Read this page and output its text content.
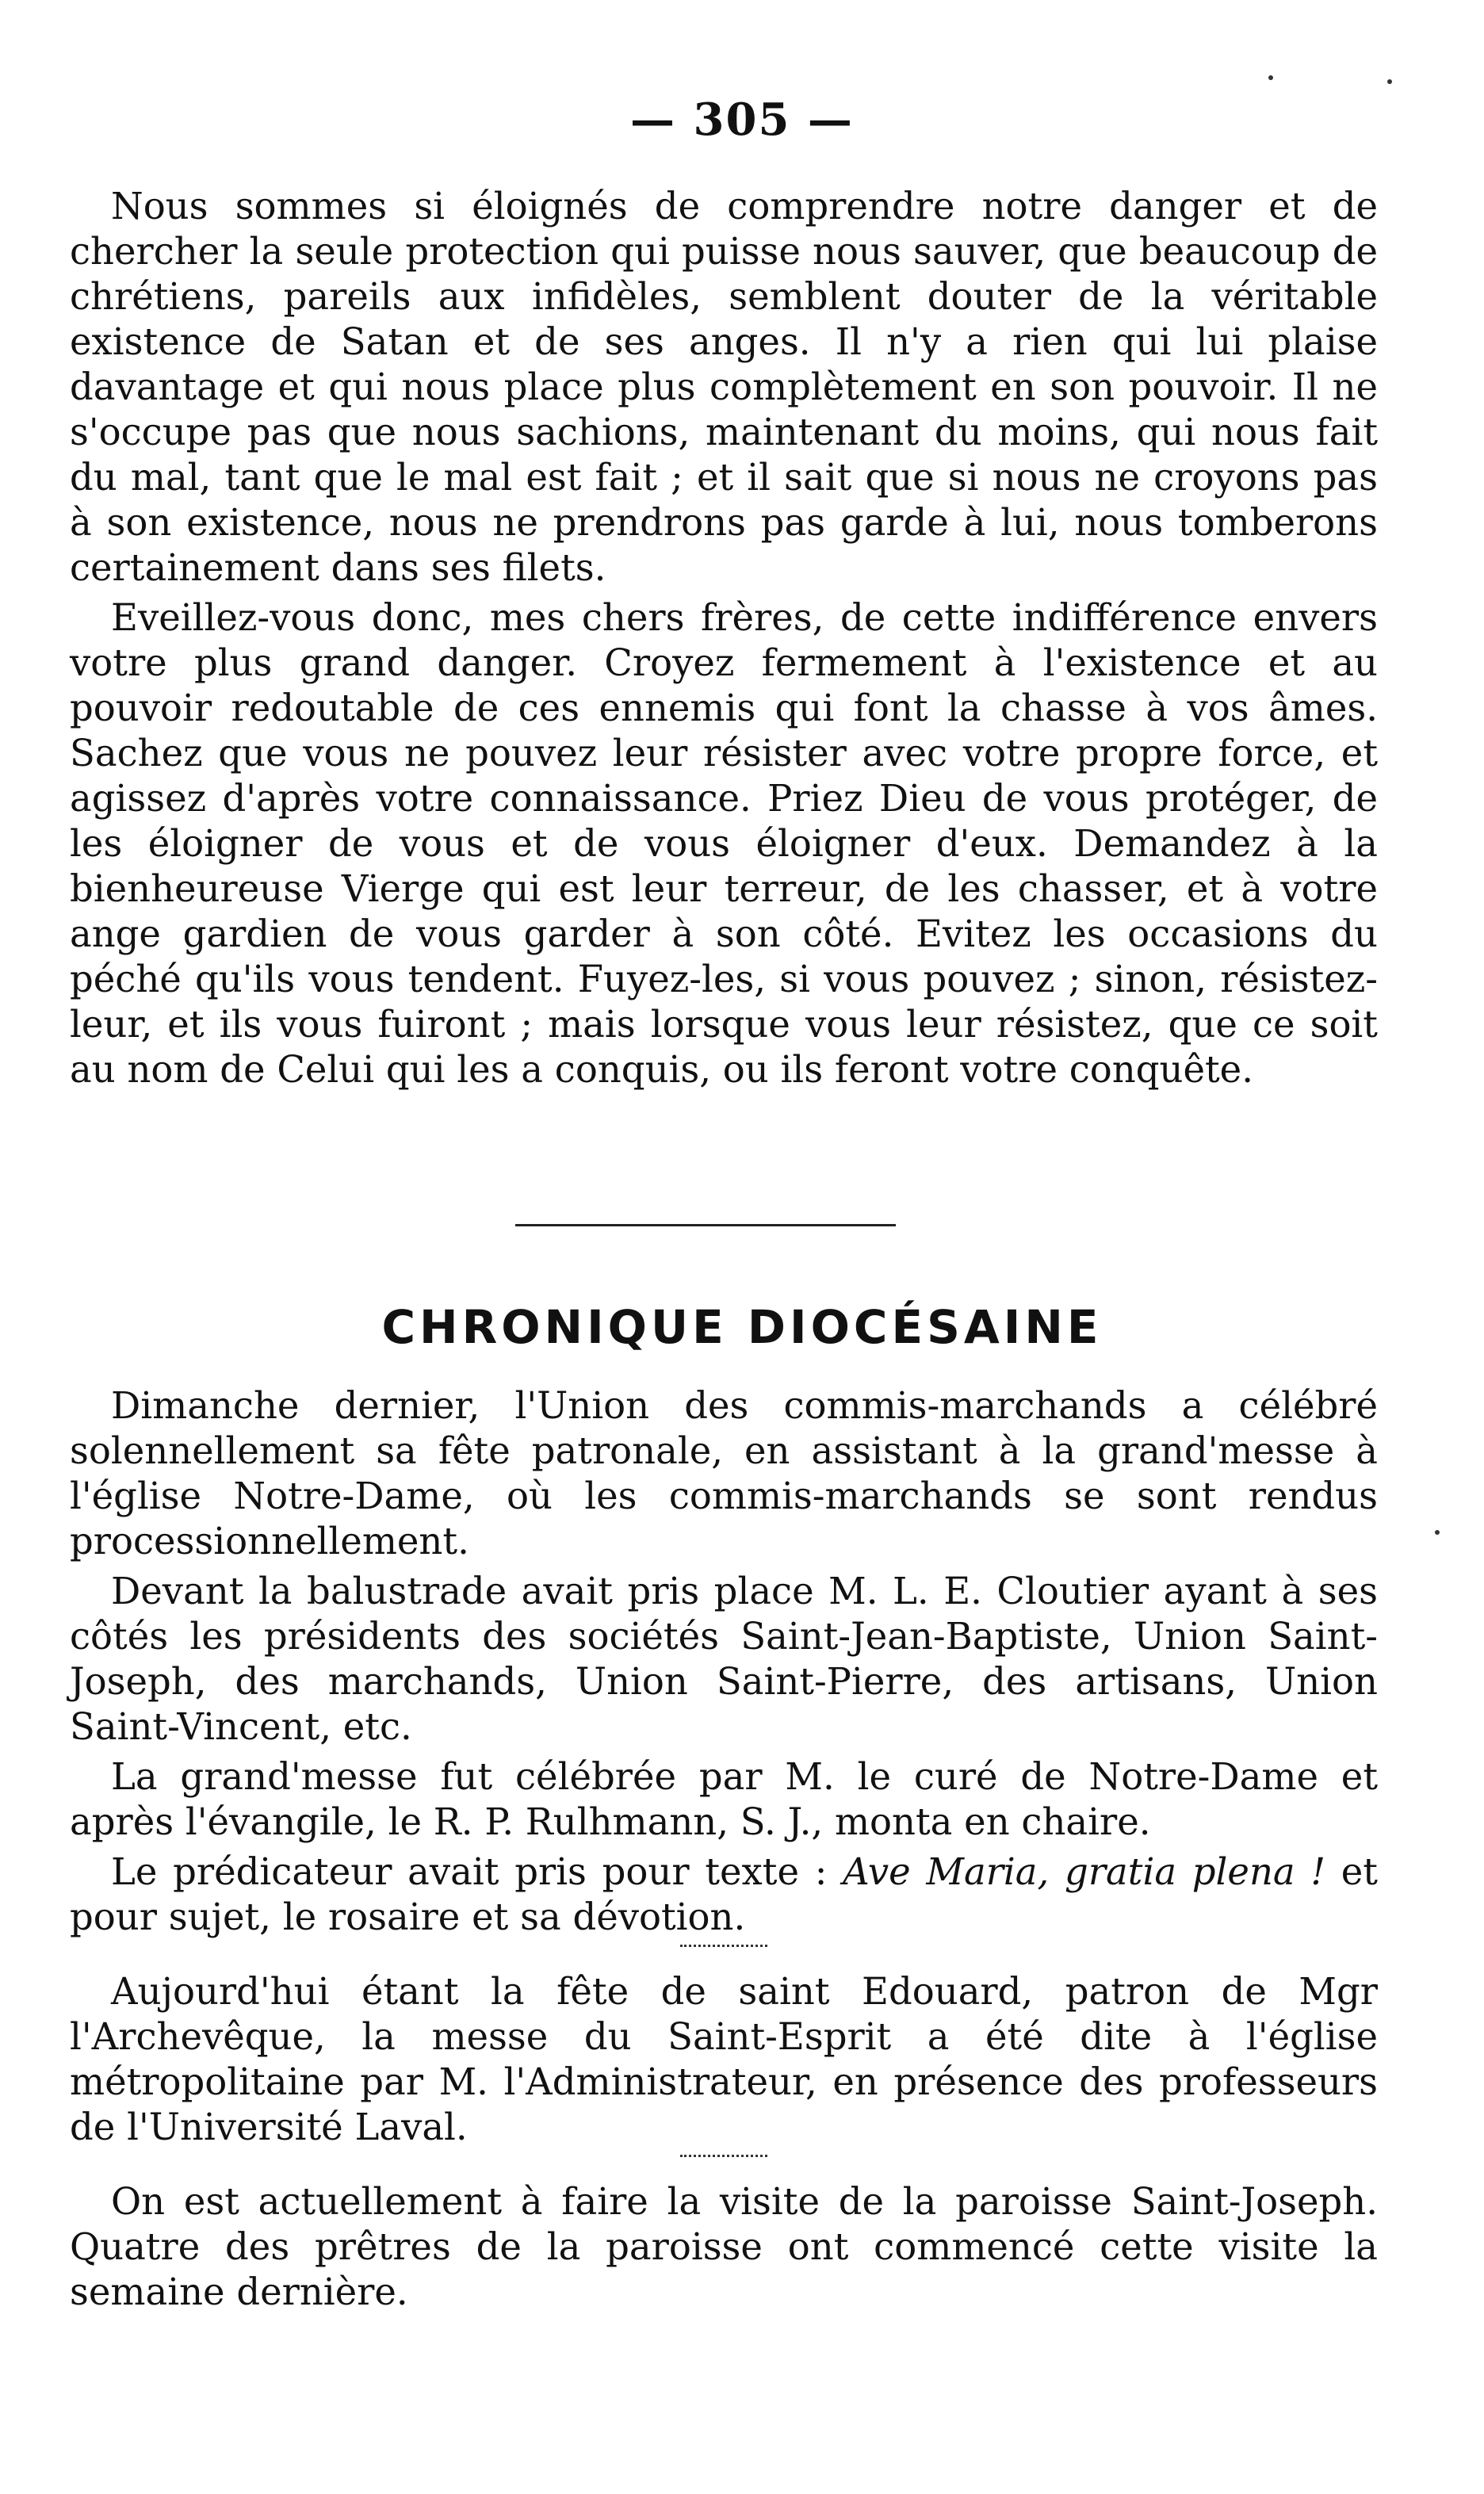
— 305 —

Nous sommes si éloignés de comprendre notre danger et de chercher la seule protection qui puisse nous sauver, que beaucoup de chrétiens, pareils aux infidèles, semblent douter de la véritable existence de Satan et de ses anges. Il n'y a rien qui lui plaise davantage et qui nous place plus complètement en son pouvoir. Il ne s'occupe pas que nous sachions, maintenant du moins, qui nous fait du mal, tant que le mal est fait ; et il sait que si nous ne croyons pas à son existence, nous ne prendrons pas garde à lui, nous tomberons certainement dans ses filets.

Eveillez-vous donc, mes chers frères, de cette indifférence envers votre plus grand danger. Croyez fermement à l'existence et au pouvoir redoutable de ces ennemis qui font la chasse à vos âmes. Sachez que vous ne pouvez leur résister avec votre propre force, et agissez d'après votre connaissance. Priez Dieu de vous protéger, de les éloigner de vous et de vous éloigner d'eux. Demandez à la bienheureuse Vierge qui est leur terreur, de les chasser, et à votre ange gardien de vous garder à son côté. Evitez les occasions du péché qu'ils vous tendent. Fuyez-les, si vous pouvez ; sinon, résistez-leur, et ils vous fuiront ; mais lorsque vous leur résistez, que ce soit au nom de Celui qui les a conquis, ou ils feront votre conquête.

CHRONIQUE DIOCÉSAINE

Dimanche dernier, l'Union des commis-marchands a célébré solennellement sa fête patronale, en assistant à la grand'messe à l'église Notre-Dame, où les commis-marchands se sont rendus processionnellement.

Devant la balustrade avait pris place M. L. E. Cloutier ayant à ses côtés les présidents des sociétés Saint-Jean-Baptiste, Union Saint-Joseph, des marchands, Union Saint-Pierre, des artisans, Union Saint-Vincent, etc.

La grand'messe fut célébrée par M. le curé de Notre-Dame et après l'évangile, le R. P. Rulhmann, S. J., monta en chaire.

Le prédicateur avait pris pour texte : Ave Maria, gratia plena ! et pour sujet, le rosaire et sa dévotion.

Aujourd'hui étant la fête de saint Edouard, patron de Mgr l'Archevêque, la messe du Saint-Esprit a été dite à l'église métropolitaine par M. l'Administrateur, en présence des professeurs de l'Université Laval.

On est actuellement à faire la visite de la paroisse Saint-Joseph. Quatre des prêtres de la paroisse ont commencé cette visite la semaine dernière.
